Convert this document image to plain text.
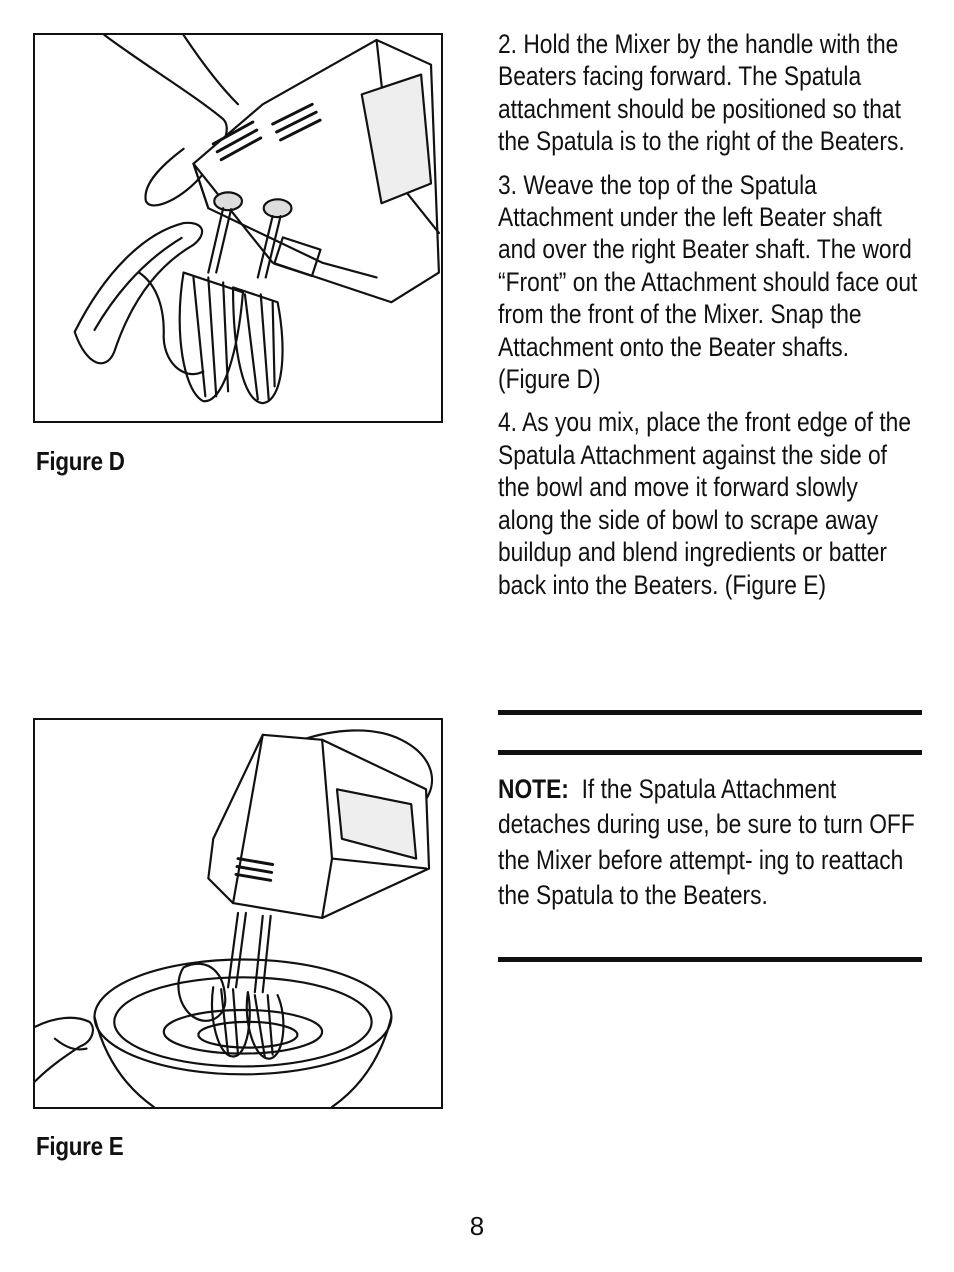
Figure D
Figure E

2. Hold the Mixer by the handle with the Beaters facing forward. The Spatula attachment should be positioned so that the Spatula is to the right of the Beaters.

3. Weave the top of the Spatula Attachment under the left Beater shaft and over the right Beater shaft. The word “Front” on the Attachment should face out from the front of the Mixer. Snap the Attachment onto the Beater shafts. (Figure D)

4. As you mix, place the front edge of the Spatula Attachment against the side of the bowl and move it forward slowly along the side of bowl to scrape away buildup and blend ingredients or batter back into the Beaters. (Figure E)

NOTE: If the Spatula Attachment detaches during use, be sure to turn OFF the Mixer before attempt- ing to reattach the Spatula to the Beaters.
8
